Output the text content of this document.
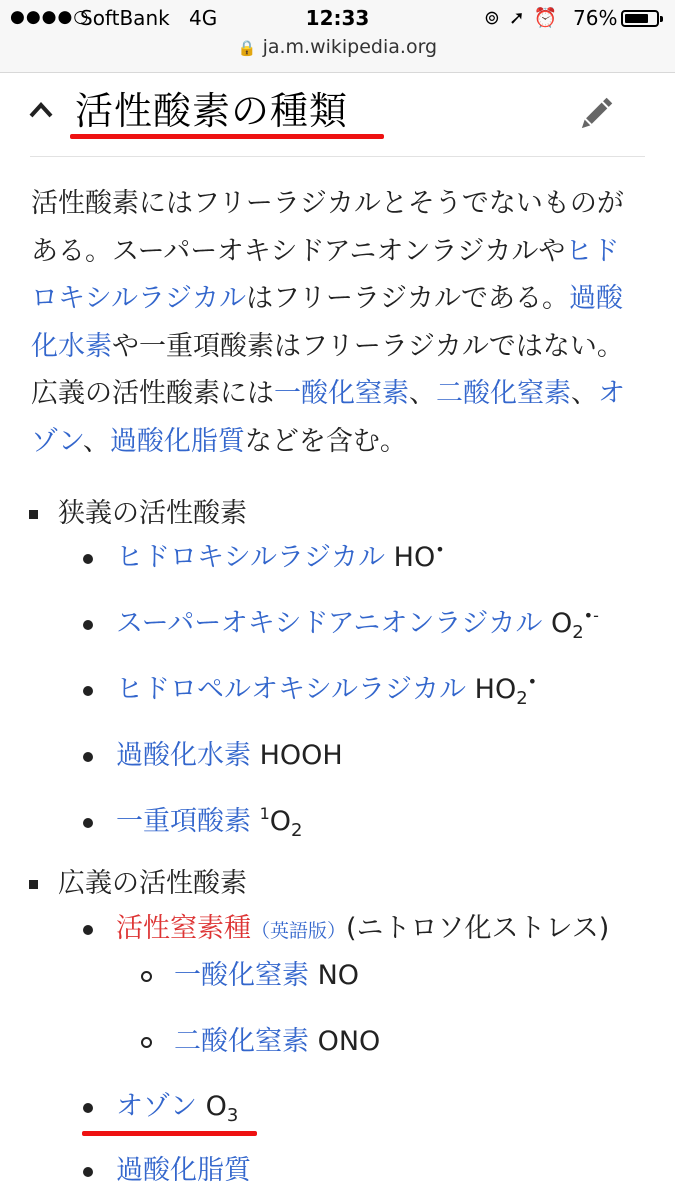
●●●●○
SoftBank 4G	12:33	⊚➚⏰ 76%
🔒 ja.m.wikipedia.org
活性酸素の種類
活性酸素にはフリーラジカルとそうでないものがある。スーパーオキシドアニオンラジカルやヒドロキシルラジカルはフリーラジカルである。過酸化水素や一重項酸素はフリーラジカルではない。広義の活性酸素には一酸化窒素、二酸化窒素、オゾン、過酸化脂質などを含む。
狭義の活性酸素
ヒドロキシルラジカル HO•
スーパーオキシドアニオンラジカル $O_2^{•-}$
ヒドロペルオキシルラジカル $HO_2^•$
過酸化水素 HOOH
一重項酸素 $^1O_2$
広義の活性酸素
活性窒素種（英語版）(ニトロソ化ストレス)
一酸化窒素 NO
二酸化窒素 ONO
オゾン $O_3$
過酸化脂質
